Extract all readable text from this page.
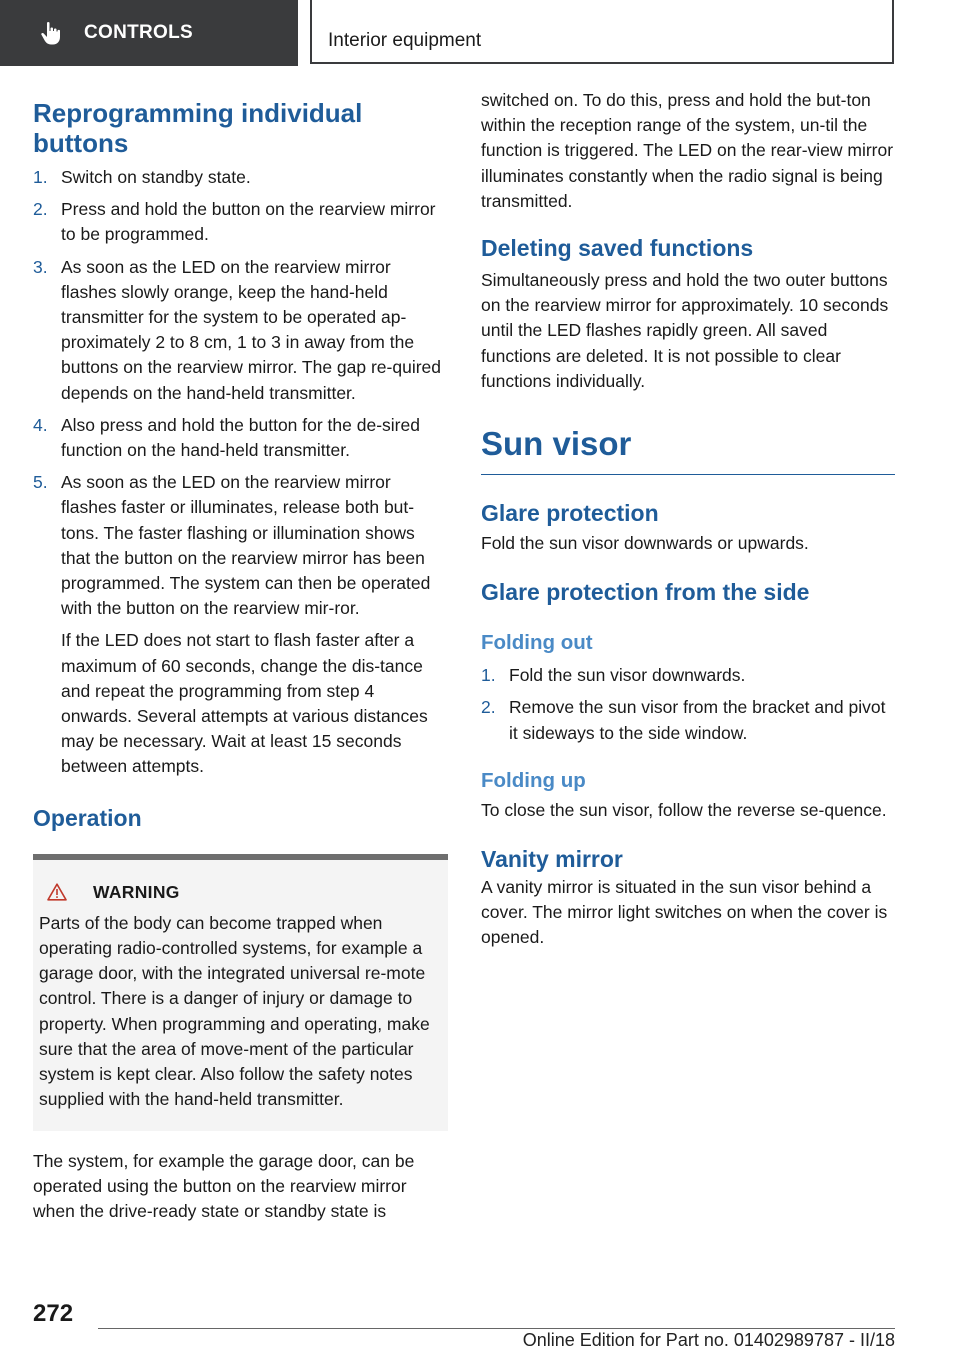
CONTROLS	Interior equipment
Reprogramming individual buttons
1. Switch on standby state.
2. Press and hold the button on the rearview mirror to be programmed.
3. As soon as the LED on the rearview mirror flashes slowly orange, keep the hand-held transmitter for the system to be operated ap‐proximately 2 to 8 cm, 1 to 3 in away from the buttons on the rearview mirror. The gap re‐quired depends on the hand-held transmitter.
4. Also press and hold the button for the de‐sired function on the hand-held transmitter.
5. As soon as the LED on the rearview mirror flashes faster or illuminates, release both but‐tons. The faster flashing or illumination shows that the button on the rearview mirror has been programmed. The system can then be operated with the button on the rearview mir‐ror.
If the LED does not start to flash faster after a maximum of 60 seconds, change the dis‐tance and repeat the programming from step 4 onwards. Several attempts at various distances may be necessary. Wait at least 15 seconds between attempts.
Operation
WARNING

Parts of the body can become trapped when operating radio-controlled systems, for example a garage door, with the integrated universal re‐mote control. There is a danger of injury or damage to property. When programming and operating, make sure that the area of move‐ment of the particular system is kept clear. Also follow the safety notes supplied with the hand-held transmitter.

The system, for example the garage door, can be operated using the button on the rearview mirror when the drive-ready state or standby state is

switched on. To do this, press and hold the but‐ton within the reception range of the system, un‐til the function is triggered. The LED on the rear‐view mirror illuminates constantly when the radio signal is being transmitted.

Deleting saved functions

Simultaneously press and hold the two outer buttons on the rearview mirror for approximately. 10 seconds until the LED flashes rapidly green. All saved functions are deleted. It is not possible to clear functions individually.

Sun visor
Glare protection

Fold the sun visor downwards or upwards.

Glare protection from the side
Folding out
1. Fold the sun visor downwards.
2. Remove the sun visor from the bracket and pivot it sideways to the side window.
Folding up

To close the sun visor, follow the reverse se‐quence.

Vanity mirror

A vanity mirror is situated in the sun visor behind a cover. The mirror light switches on when the cover is opened.

272
Online Edition for Part no. 01402989787 - II/18
